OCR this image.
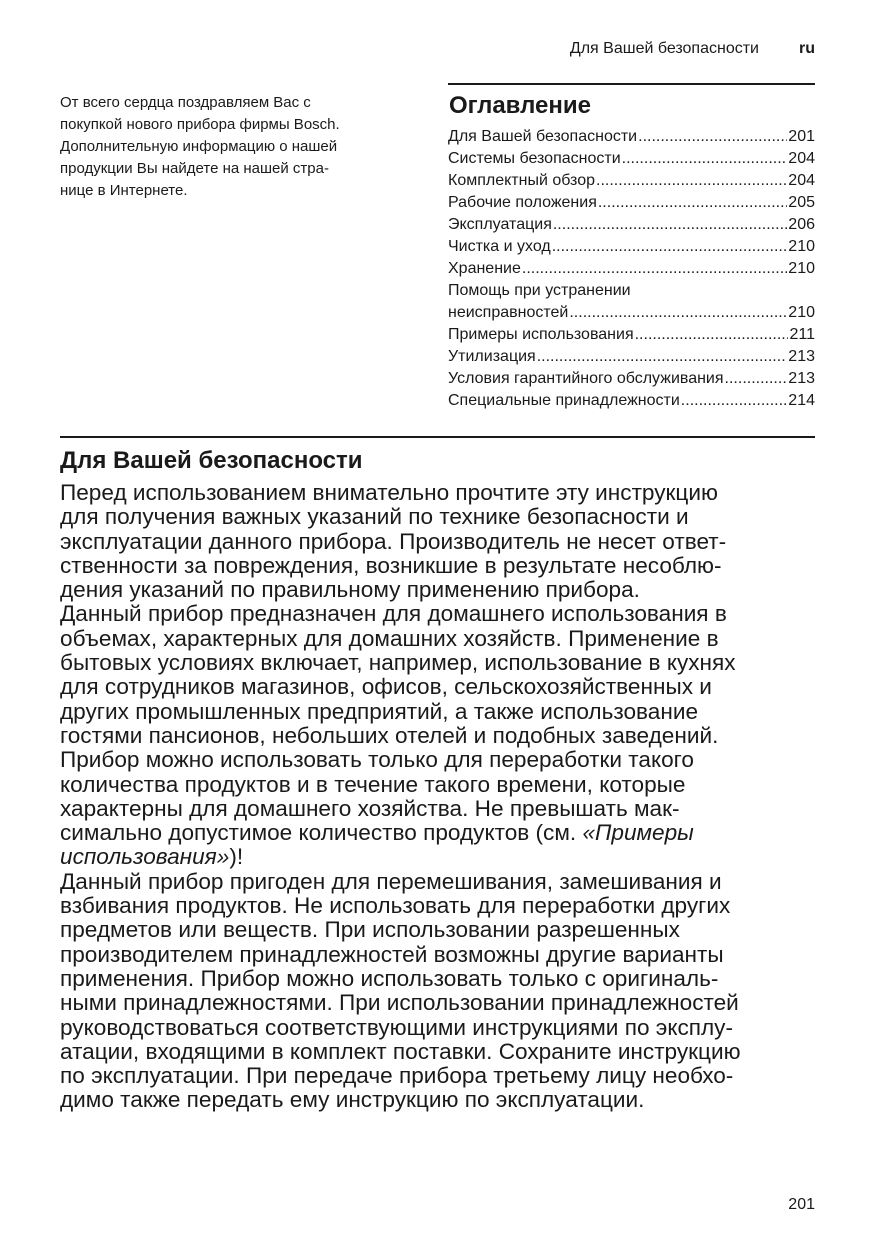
Для Вашей безопасности	ru
От всего сердца поздравляем Вас с
покупкой нового прибора фирмы Bosch.
Дополнительную информацию о нашей
продукции Вы найдете на нашей стра-
нице в Интернете.
Оглавление
Для Вашей безопасности .....	201
Системы безопасности .....	204
Комплектный обзор .....	204
Рабочие положения .....	205
Эксплуатация .....	206
Чистка и уход .....	210
Хранение .....	210
Помощь при устранении
неисправностей .....	210
Примеры использования .....	211
Утилизация .....	213
Условия гарантийного обслуживания .....	213
Специальные принадлежности .....	214
Для Вашей безопасности
Перед использованием внимательно прочтите эту инструкцию
для получения важных указаний по технике безопасности и
эксплуатации данного прибора. Производитель не несет ответ-
ственности за повреждения, возникшие в результате несоблю-
дения указаний по правильному применению прибора.
Данный прибор предназначен для домашнего использования в
объемах, характерных для домашних хозяйств. Применение в
бытовых условиях включает, например, использование в кухнях
для сотрудников магазинов, офисов, сельскохозяйственных и
других промышленных предприятий, а также использование
гостями пансионов, небольших отелей и подобных заведений.
Прибор можно использовать только для переработки такого
количества продуктов и в течение такого времени, которые
характерны для домашнего хозяйства. Не превышать мак-
симально допустимое количество продуктов (см. «Примеры
использования»)!
Данный прибор пригоден для перемешивания, замешивания и
взбивания продуктов. Не использовать для переработки других
предметов или веществ. При использовании разрешенных
производителем принадлежностей возможны другие варианты
применения. Прибор можно использовать только с оригиналь-
ными принадлежностями. При использовании принадлежностей
руководствоваться соответствующими инструкциями по эксплу-
атации, входящими в комплект поставки. Сохраните инструкцию
по эксплуатации. При передаче прибора третьему лицу необхо-
димо также передать ему инструкцию по эксплуатации.
201
